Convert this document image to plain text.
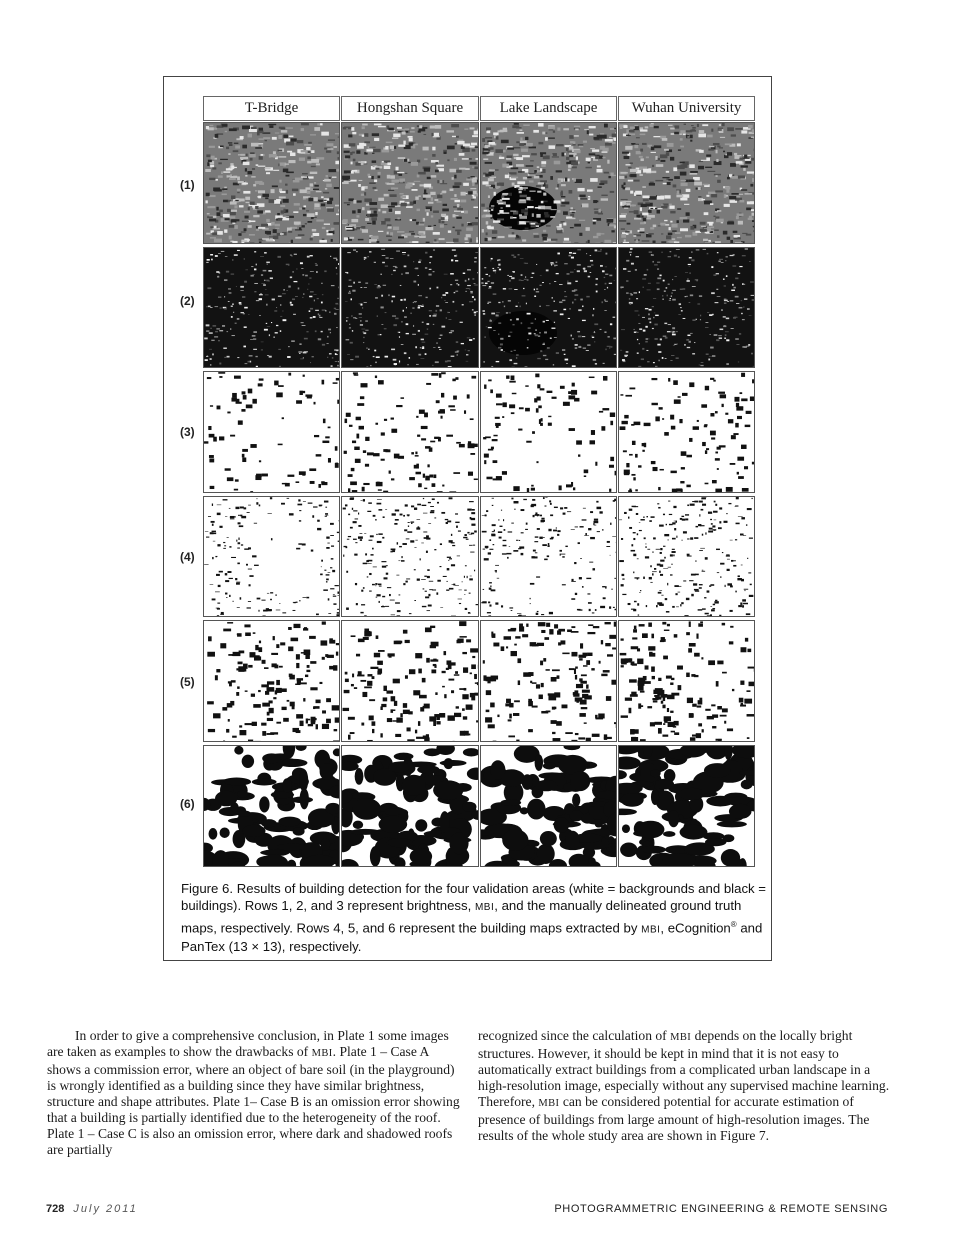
T-Bridge	Hongshan Square	Lake Landscape	Wuhan University
(1)
(2)
(3)
(4)
(5)
(6)
Figure 6. Results of building detection for the four validation areas (white = backgrounds and black = buildings). Rows 1, 2, and 3 represent brightness, MBI, and the manually delineated ground truth maps, respectively. Rows 4, 5, and 6 represent the building maps extracted by MBI, eCognition® and PanTex (13 × 13), respectively.
In order to give a comprehensive conclusion, in Plate 1 some images are taken as examples to show the drawbacks of MBI. Plate 1 – Case A shows a commission error, where an object of bare soil (in the playground) is wrongly identified as a building since they have similar brightness, structure and shape attributes. Plate 1– Case B is an omission error showing that a building is partially identified due to the heterogeneity of the roof. Plate 1 – Case C is also an omission error, where dark and shadowed roofs are partially
recognized since the calculation of MBI depends on the locally bright structures. However, it should be kept in mind that it is not easy to automatically extract buildings from a complicated urban landscape in a high-resolution image, especially without any supervised machine learning. Therefore, MBI can be considered potential for accurate estimation of presence of buildings from large amount of high-resolution images. The results of the whole study area are shown in Figure 7.
728 July 2011	PHOTOGRAMMETRIC ENGINEERING & REMOTE SENSING
